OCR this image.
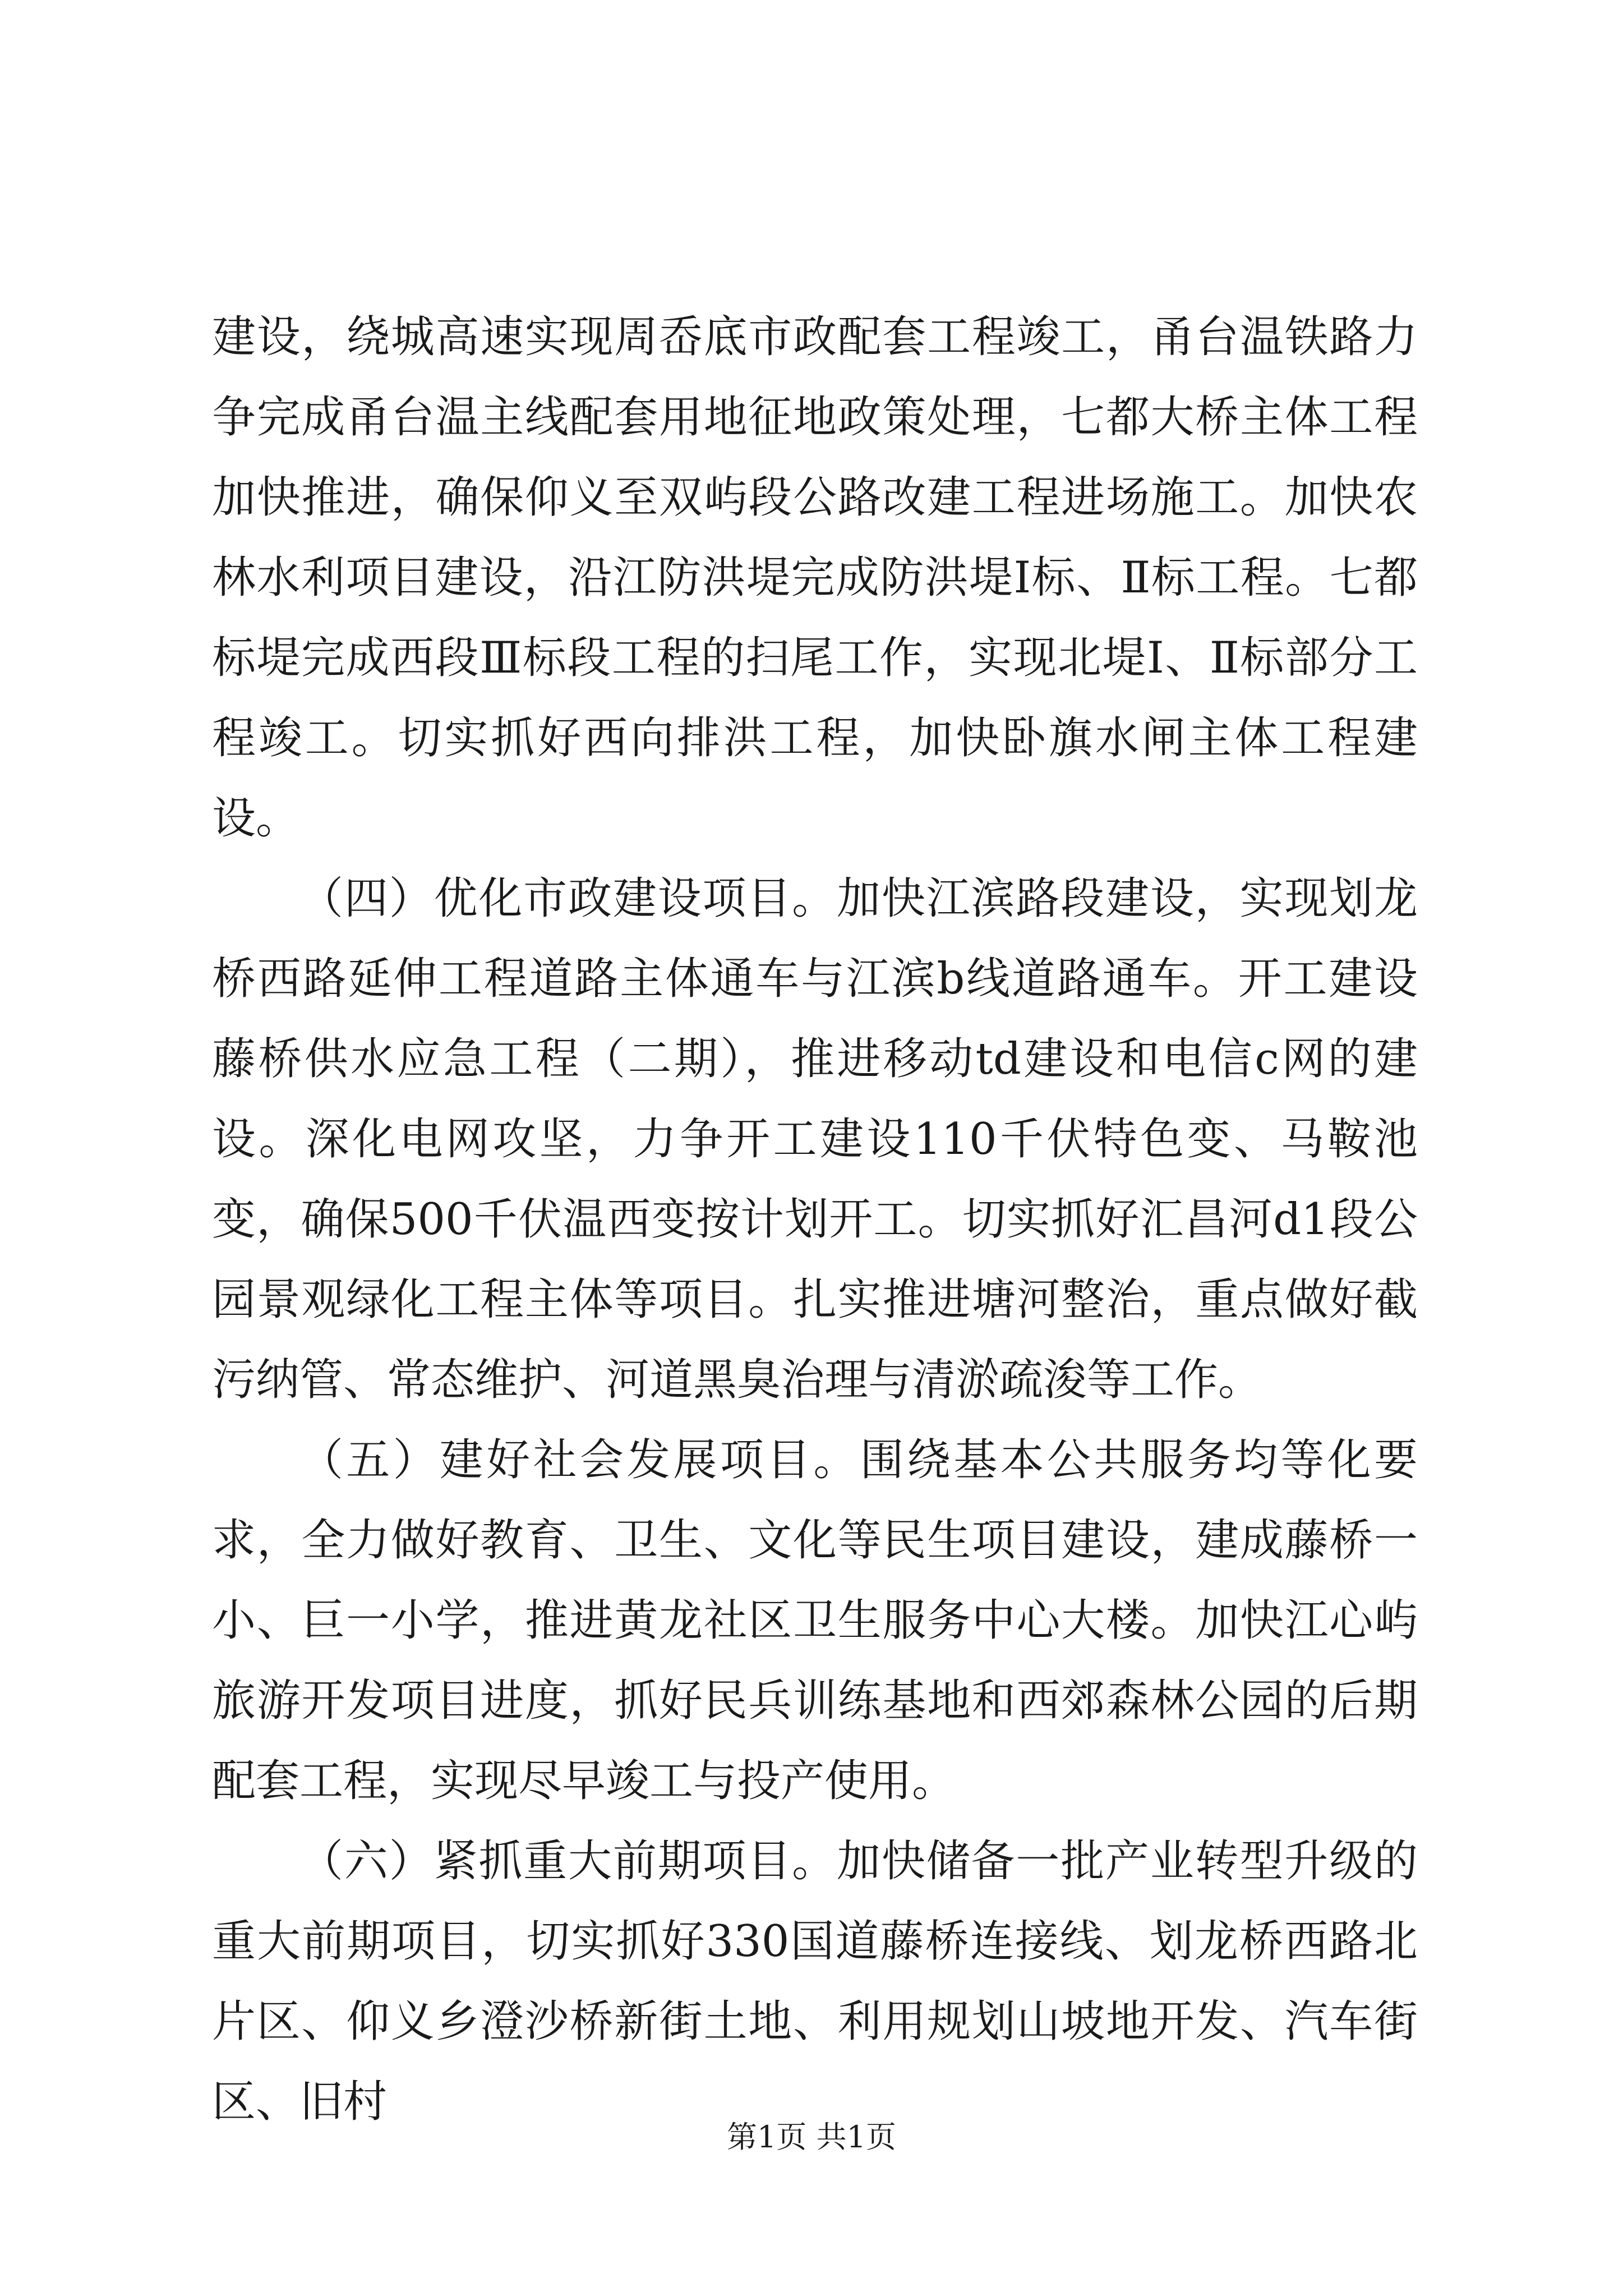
建设，绕城高速实现周岙底市政配套工程竣工，甬台温铁路力争完成甬台温主线配套用地征地政策处理，七都大桥主体工程加快推进，确保仰义至双屿段公路改建工程进场施工。加快农林水利项目建设，沿江防洪堤完成防洪堤Ⅰ标、Ⅱ标工程。七都标堤完成西段Ⅲ标段工程的扫尾工作，实现北堤Ⅰ、Ⅱ标部分工程竣工。切实抓好西向排洪工程，加快卧旗水闸主体工程建设。

（四）优化市政建设项目。加快江滨路段建设，实现划龙桥西路延伸工程道路主体通车与江滨b线道路通车。开工建设藤桥供水应急工程（二期），推进移动td建设和电信c网的建设。深化电网攻坚，力争开工建设110千伏特色变、马鞍池变，确保500千伏温西变按计划开工。切实抓好汇昌河d1段公园景观绿化工程主体等项目。扎实推进塘河整治，重点做好截污纳管、常态维护、河道黑臭治理与清淤疏浚等工作。

（五）建好社会发展项目。围绕基本公共服务均等化要求，全力做好教育、卫生、文化等民生项目建设，建成藤桥一小、巨一小学，推进黄龙社区卫生服务中心大楼。加快江心屿旅游开发项目进度，抓好民兵训练基地和西郊森林公园的后期配套工程，实现尽早竣工与投产使用。

（六）紧抓重大前期项目。加快储备一批产业转型升级的重大前期项目，切实抓好330国道藤桥连接线、划龙桥西路北片区、仰义乡澄沙桥新街土地、利用规划山坡地开发、汽车街区、旧村

第1页 共1页
